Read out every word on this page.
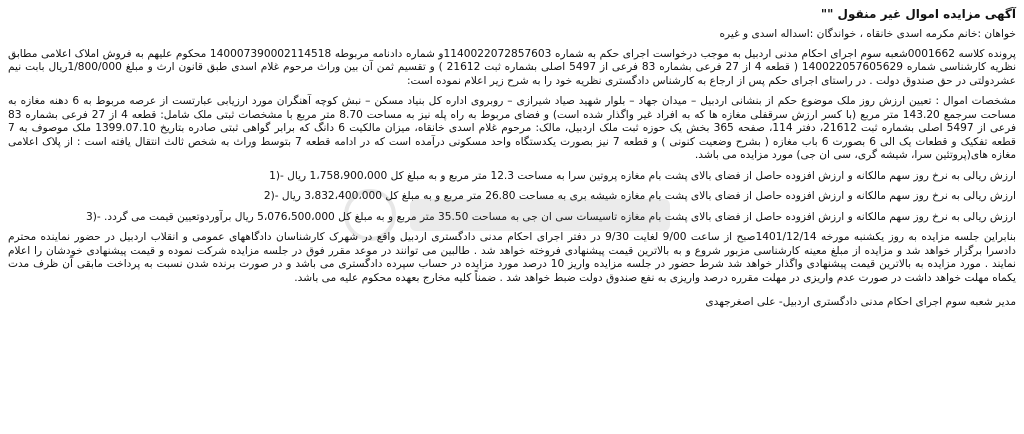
آگهی مزایده اموال غیر منقول ""
خواهان :خانم مکرمه اسدی خانقاه ، خواندگان :اسداله اسدی و غیره
پرونده کلاسه 0001662شعبه سوم اجرای احکام مدنی اردبیل به موجب درخواست اجرای حکم به شماره 140022072857603‏1و شماره دادنامه مربوطه 140007390002114518 محکوم علیهم به فروش املاک اعلامی مطابق نظریه کارشناسی شماره 140022057605629 ( قطعه 4 از 27 فرعی بشماره 83 فرعی از 5497 اصلی بشماره ثبت 21612 ) و تقسیم ثمن آن بین وراث مرحوم غلام اسدی طبق قانون ارث و مبلغ 1/800/000ریال بابت نیم عشردولتی در حق صندوق دولت . در راستای اجرای حکم پس از ارجاع به کارشناس دادگستری نظریه خود را به شرح زیر اعلام نموده است:
مشخصات اموال : تعیین ارزش روز ملک موضوع حکم از بنشانی اردبیل – میدان جهاد – بلوار شهید صیاد شیرازی – روبروی اداره کل بنیاد مسکن – نبش کوچه آهنگران مورد ارزیابی عبارتست از عرصه مربوط به 6 دهنه مغازه به مساحت سرجمع 143.20 متر مربع (با کسر ارزش سرقفلی مغازه ها که به افراد غیر واگذار شده است) و فضای مربوط به راه پله نیز به مساحت 8.70 متر مربع با مشخصات ثبتی ملک شامل: قطعه 4 از 27 فرعی بشماره 83 فرعی از 5497 اصلی بشماره ثبت 21612، دفتر 114، صفحه 365 بخش یک حوزه ثبت ملک اردبیل، مالک: مرحوم غلام اسدی خانقاه، میزان مالکیت 6 دانگ که برابر گواهی ثبتی صادره بتاریخ 1399.07.10 ملک موصوف به 7 قطعه تفکیک و قطعات یک الی 6 بصورت 6 باب مغازه ( بشرح وضعیت کنونی ) و قطعه 7 نیز بصورت یکدستگاه واحد مسکونی درآمده است که در ادامه قطعه 7 بتوسط وراث به شخص ثالث انتقال یافته است : از پلاک اعلامی مغازه های(پروتئین سرا، شیشه گری، سی ان جی) مورد مزایده می باشد.
ارزش ریالی به نرخ روز سهم مالکانه و ارزش افزوده حاصل از فضای بالای پشت بام مغازه پروتین سرا به مساحت 12.3 متر مربع و به مبلغ کل 1،758،900،000 ریال -(1
ارزش ریالی به نرخ روز سهم مالکانه و ارزش افزوده حاصل از فضای بالای پشت بام مغازه شیشه بری به مساحت 26.80 متر مربع و به مبلغ کل 3،832،400،000 ریال -(2
ارزش ریالی به نرخ روز سهم مالکانه و ارزش افزوده حاصل از فضای بالای پشت بام مغازه تاسیسات سی ان جی به مساحت 35.50 متر مربع و به مبلغ کل 5،076،500،000 ریال برآوردوتعیین قیمت می گردد. -(3
بنابراین جلسه مزایده به روز یکشنبه مورخه 1401/12/14صبح از ساعت 9/00 لغایت 9/30 در دفتر اجرای احکام مدنی دادگستری اردبیل واقع در شهرک کارشناسان دادگاههای عمومی و انقلاب اردبیل در حضور نماینده محترم دادسرا برگزار خواهد شد و مزایده از مبلغ معینه کارشناسی مزبور شروع و به بالاترین قیمت پیشنهادی فروخته خواهد شد . طالبین می توانند در موعد مقرر فوق در جلسه مزایده شرکت نموده و قیمت پیشنهادی خودشان را اعلام نمایند . مورد مزایده به بالاترین قیمت پیشنهادی واگذار خواهد شد شرط حضور در جلسه مزایده واریز 10 درصد مورد مزایده در حساب سپرده دادگستری می باشد و در صورت برنده شدن نسبت به پرداخت مابقی آن ظرف مدت یکماه مهلت خواهد داشت در صورت عدم واریزی در مهلت مقرره درصد واریزی به نفع صندوق دولت ضبط خواهد شد . ضمناً کلیه مخارج بعهده محکوم علیه می باشد.
مدیر شعبه سوم اجرای احکام مدنی دادگستری اردبیل- علی اصغرجهدی
